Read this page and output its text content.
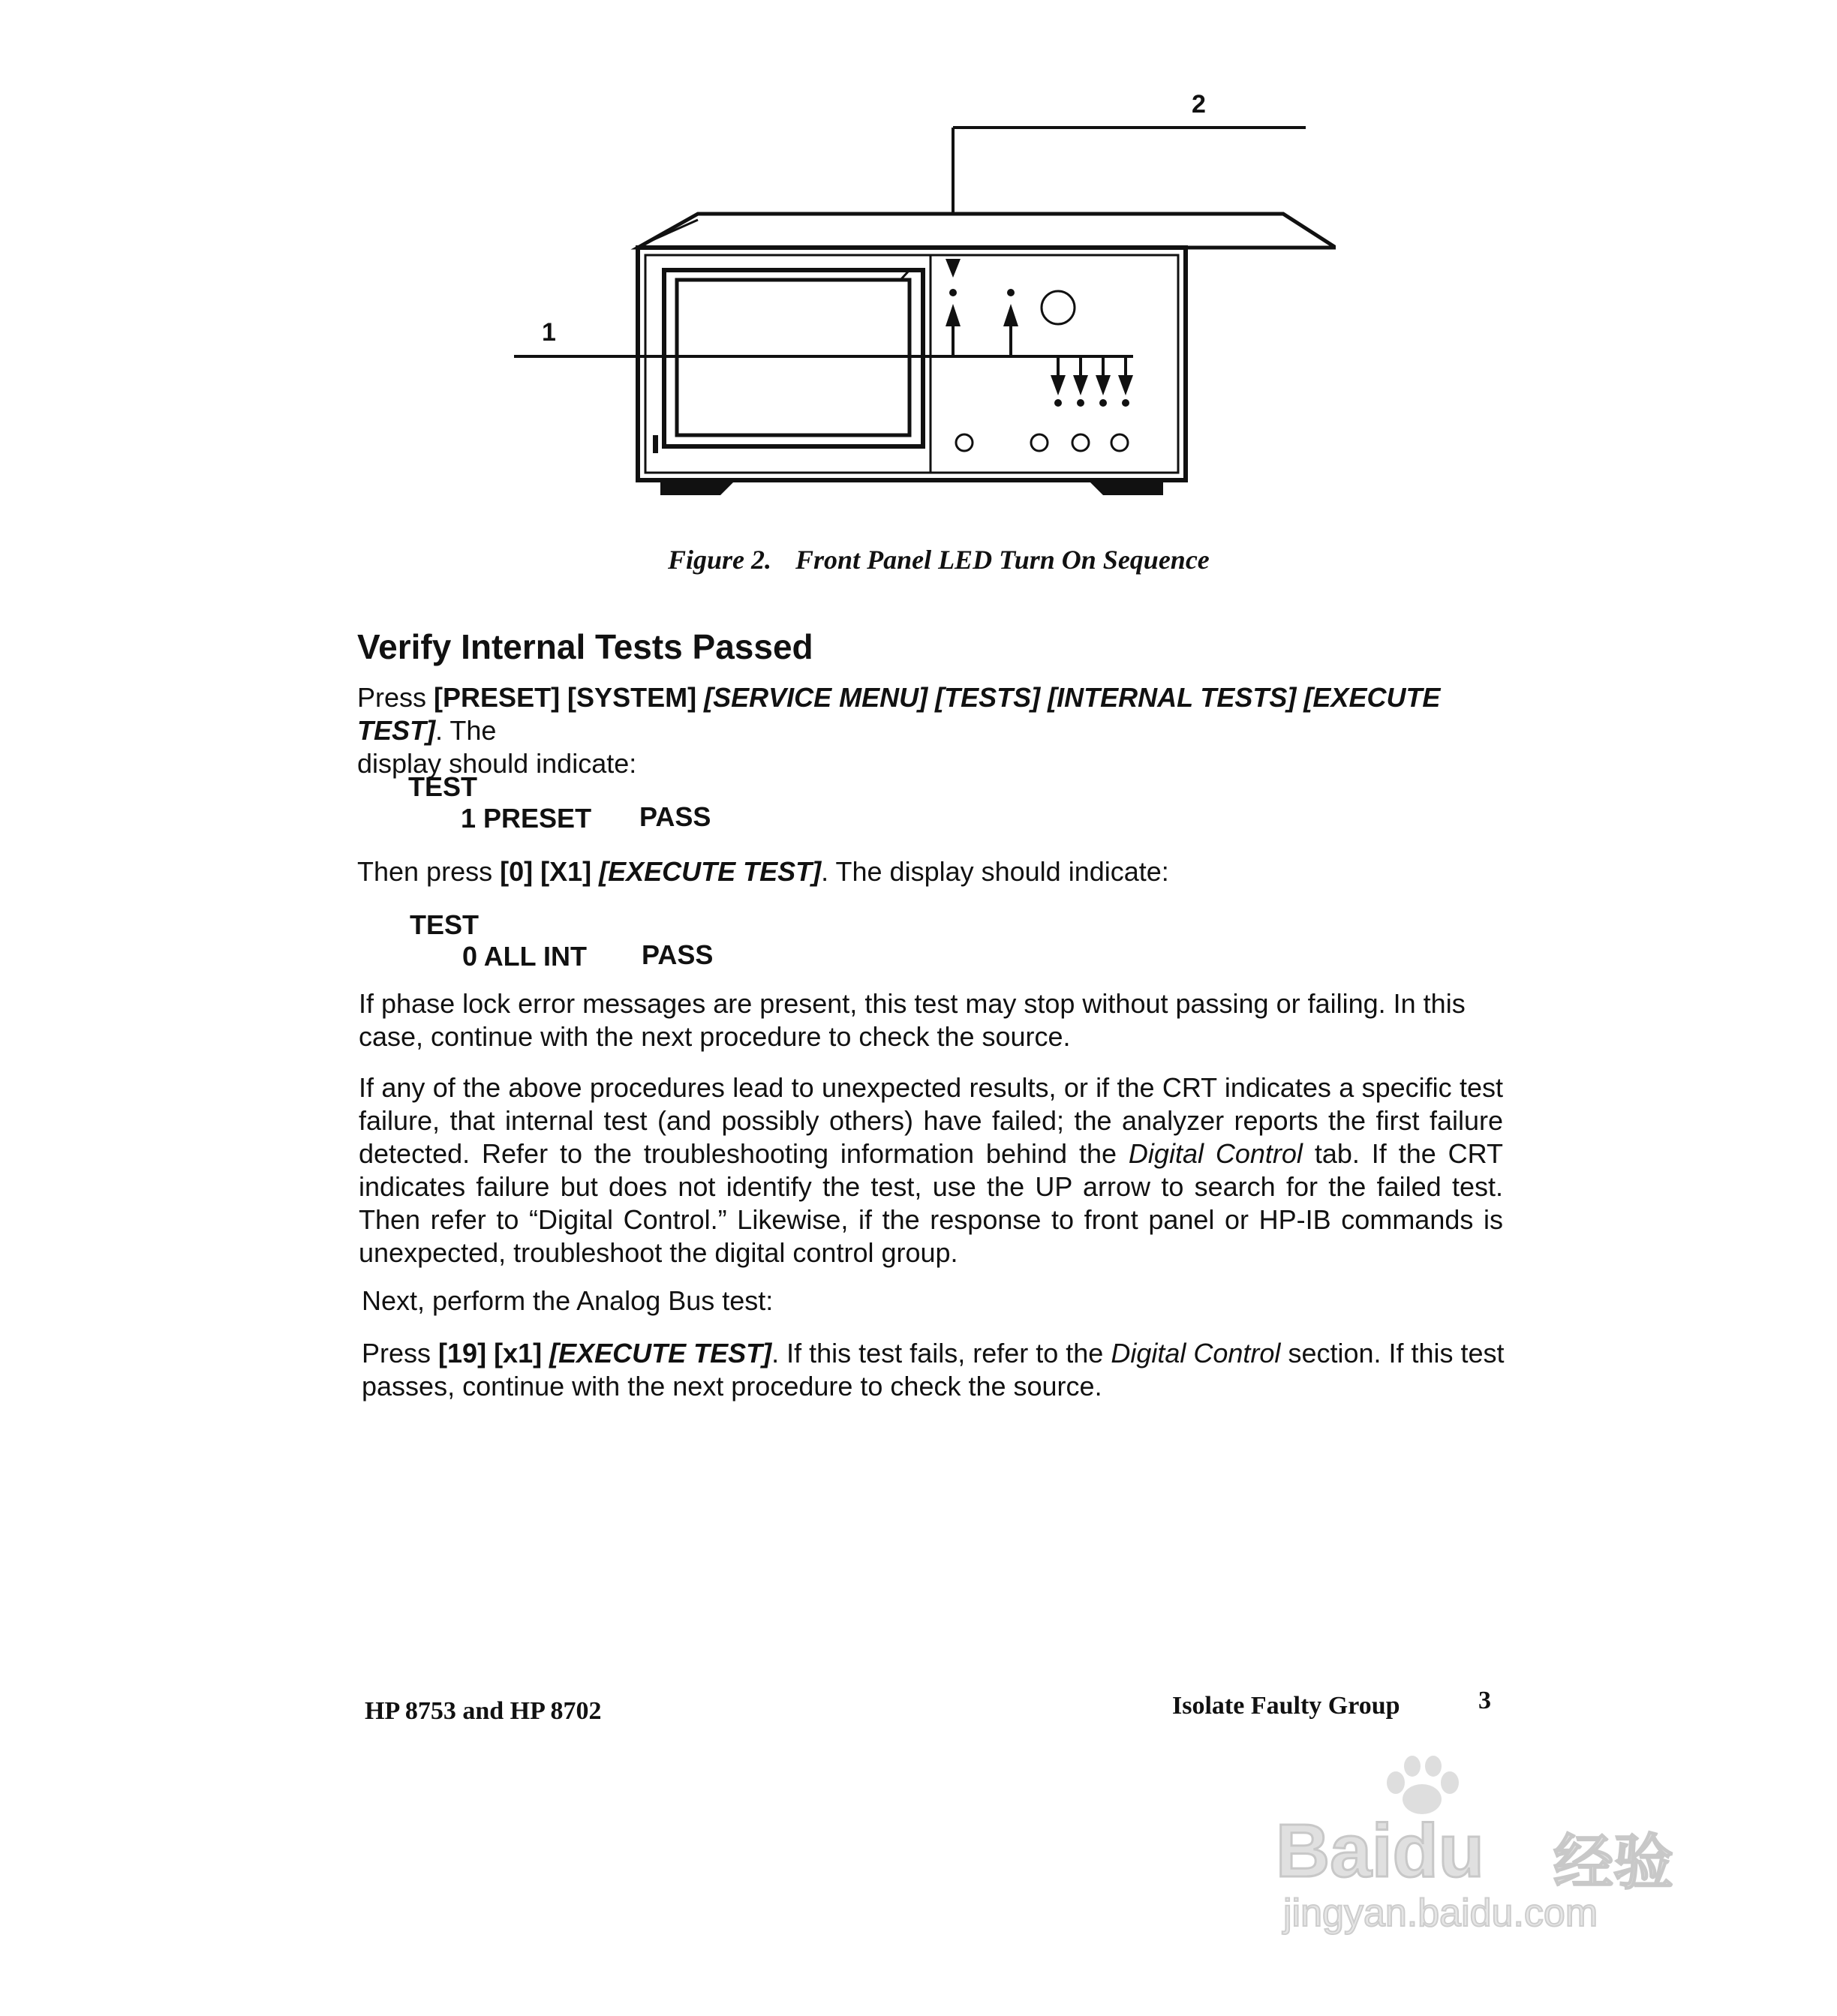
2
1
Figure 2. Front Panel LED Turn On Sequence
Verify Internal Tests Passed
Press [PRESET] [SYSTEM] [SERVICE MENU] [TESTS] [INTERNAL TESTS] [EXECUTE TEST]. The
display should indicate:
TEST
1 PRESET PASS
Then press [0] [X1] [EXECUTE TEST]. The display should indicate:
TEST
0 ALL INT PASS
If phase lock error messages are present, this test may stop without passing or failing. In this case, continue with the next procedure to check the source.
If any of the above procedures lead to unexpected results, or if the CRT indicates a specific test failure, that internal test (and possibly others) have failed; the analyzer reports the first failure detected. Refer to the troubleshooting information behind the Digital Control tab. If the CRT indicates failure but does not identify the test, use the UP arrow to search for the failed test. Then refer to “Digital Control.” Likewise, if the response to front panel or HP-IB commands is unexpected, troubleshoot the digital control group.
Next, perform the Analog Bus test:
Press [19] [x1] [EXECUTE TEST]. If this test fails, refer to the Digital Control section. If this test passes, continue with the next procedure to check the source.
HP 8753 and HP 8702	Isolate Faulty Group	3
Baidu 经验
jingyan.baidu.com
